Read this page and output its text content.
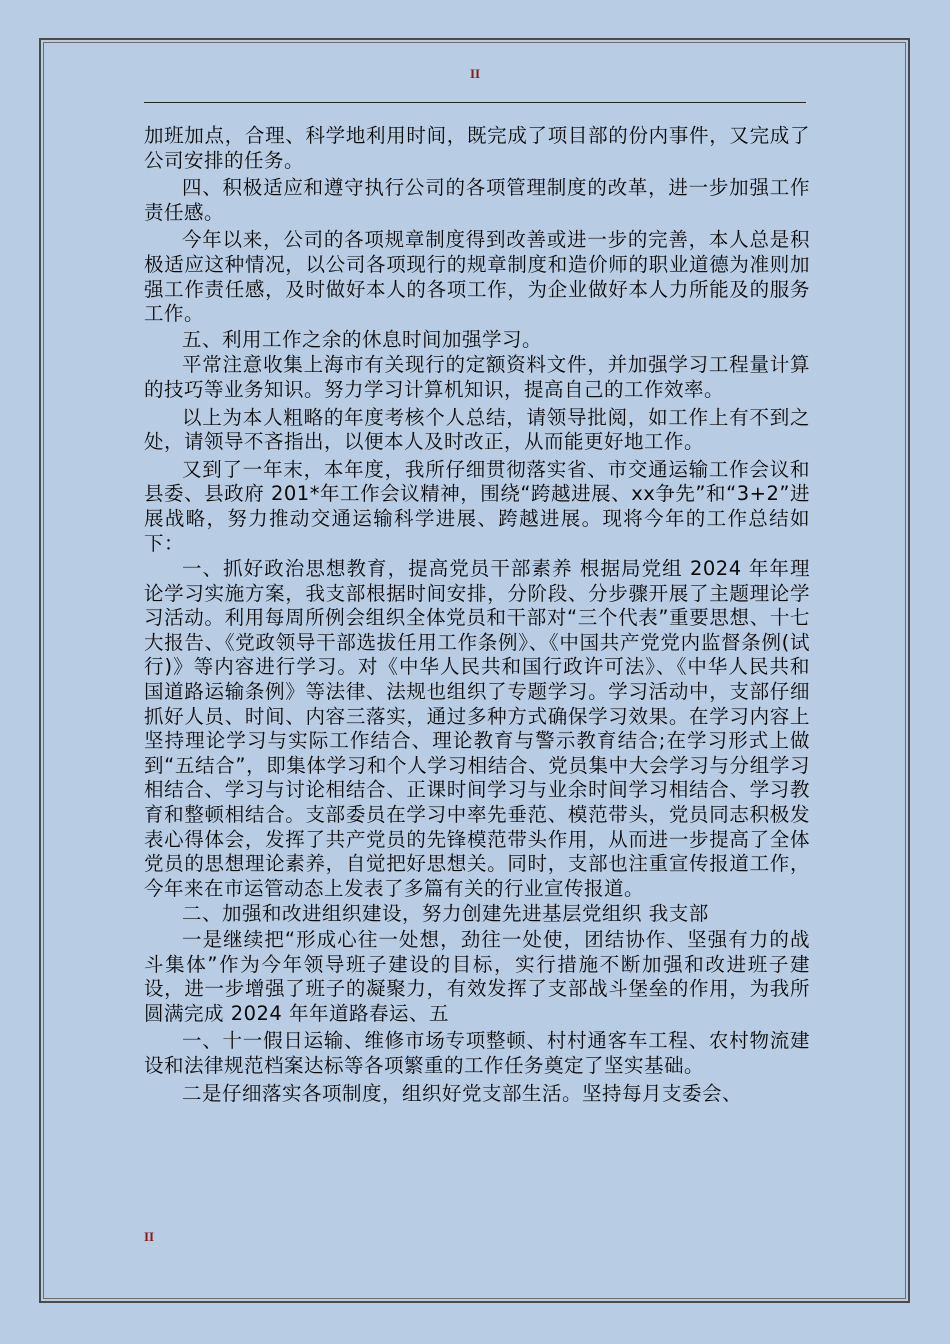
II

加班加点，合理、科学地利用时间，既完成了项目部的份内事件，又完成了公司安排的任务。

四、积极适应和遵守执行公司的各项管理制度的改革，进一步加强工作责任感。

今年以来，公司的各项规章制度得到改善或进一步的完善，本人总是积极适应这种情况，以公司各项现行的规章制度和造价师的职业道德为准则加强工作责任感，及时做好本人的各项工作，为企业做好本人力所能及的服务工作。

五、利用工作之余的休息时间加强学习。

平常注意收集上海市有关现行的定额资料文件，并加强学习工程量计算的技巧等业务知识。努力学习计算机知识，提高自己的工作效率。

以上为本人粗略的年度考核个人总结，请领导批阅，如工作上有不到之处，请领导不吝指出，以便本人及时改正，从而能更好地工作。

又到了一年末，本年度，我所仔细贯彻落实省、市交通运输工作会议和县委、县政府 201*年工作会议精神，围绕“跨越进展、xx争先”和“3+2”进展战略，努力推动交通运输科学进展、跨越进展。现将今年的工作总结如下：

一、抓好政治思想教育，提高党员干部素养 根据局党组 2024 年年理论学习实施方案，我支部根据时间安排，分阶段、分步骤开展了主题理论学习活动。利用每周所例会组织全体党员和干部对“三个代表”重要思想、十七大报告、《党政领导干部选拔任用工作条例》、《中国共产党党内监督条例(试行)》等内容进行学习。对《中华人民共和国行政许可法》、《中华人民共和国道路运输条例》等法律、法规也组织了专题学习。学习活动中，支部仔细抓好人员、时间、内容三落实，通过多种方式确保学习效果。在学习内容上坚持理论学习与实际工作结合、理论教育与警示教育结合;在学习形式上做到“五结合”，即集体学习和个人学习相结合、党员集中大会学习与分组学习相结合、学习与讨论相结合、正课时间学习与业余时间学习相结合、学习教育和整顿相结合。支部委员在学习中率先垂范、模范带头，党员同志积极发表心得体会，发挥了共产党员的先锋模范带头作用，从而进一步提高了全体党员的思想理论素养，自觉把好思想关。同时，支部也注重宣传报道工作，今年来在市运管动态上发表了多篇有关的行业宣传报道。

二、加强和改进组织建设，努力创建先进基层党组织 我支部

一是继续把“形成心往一处想，劲往一处使，团结协作、坚强有力的战斗集体”作为今年领导班子建设的目标，实行措施不断加强和改进班子建设，进一步增强了班子的凝聚力，有效发挥了支部战斗堡垒的作用，为我所圆满完成 2024 年年道路春运、五

一、十一假日运输、维修市场专项整顿、村村通客车工程、农村物流建设和法律规范档案达标等各项繁重的工作任务奠定了坚实基础。

二是仔细落实各项制度，组织好党支部生活。坚持每月支委会、

II
